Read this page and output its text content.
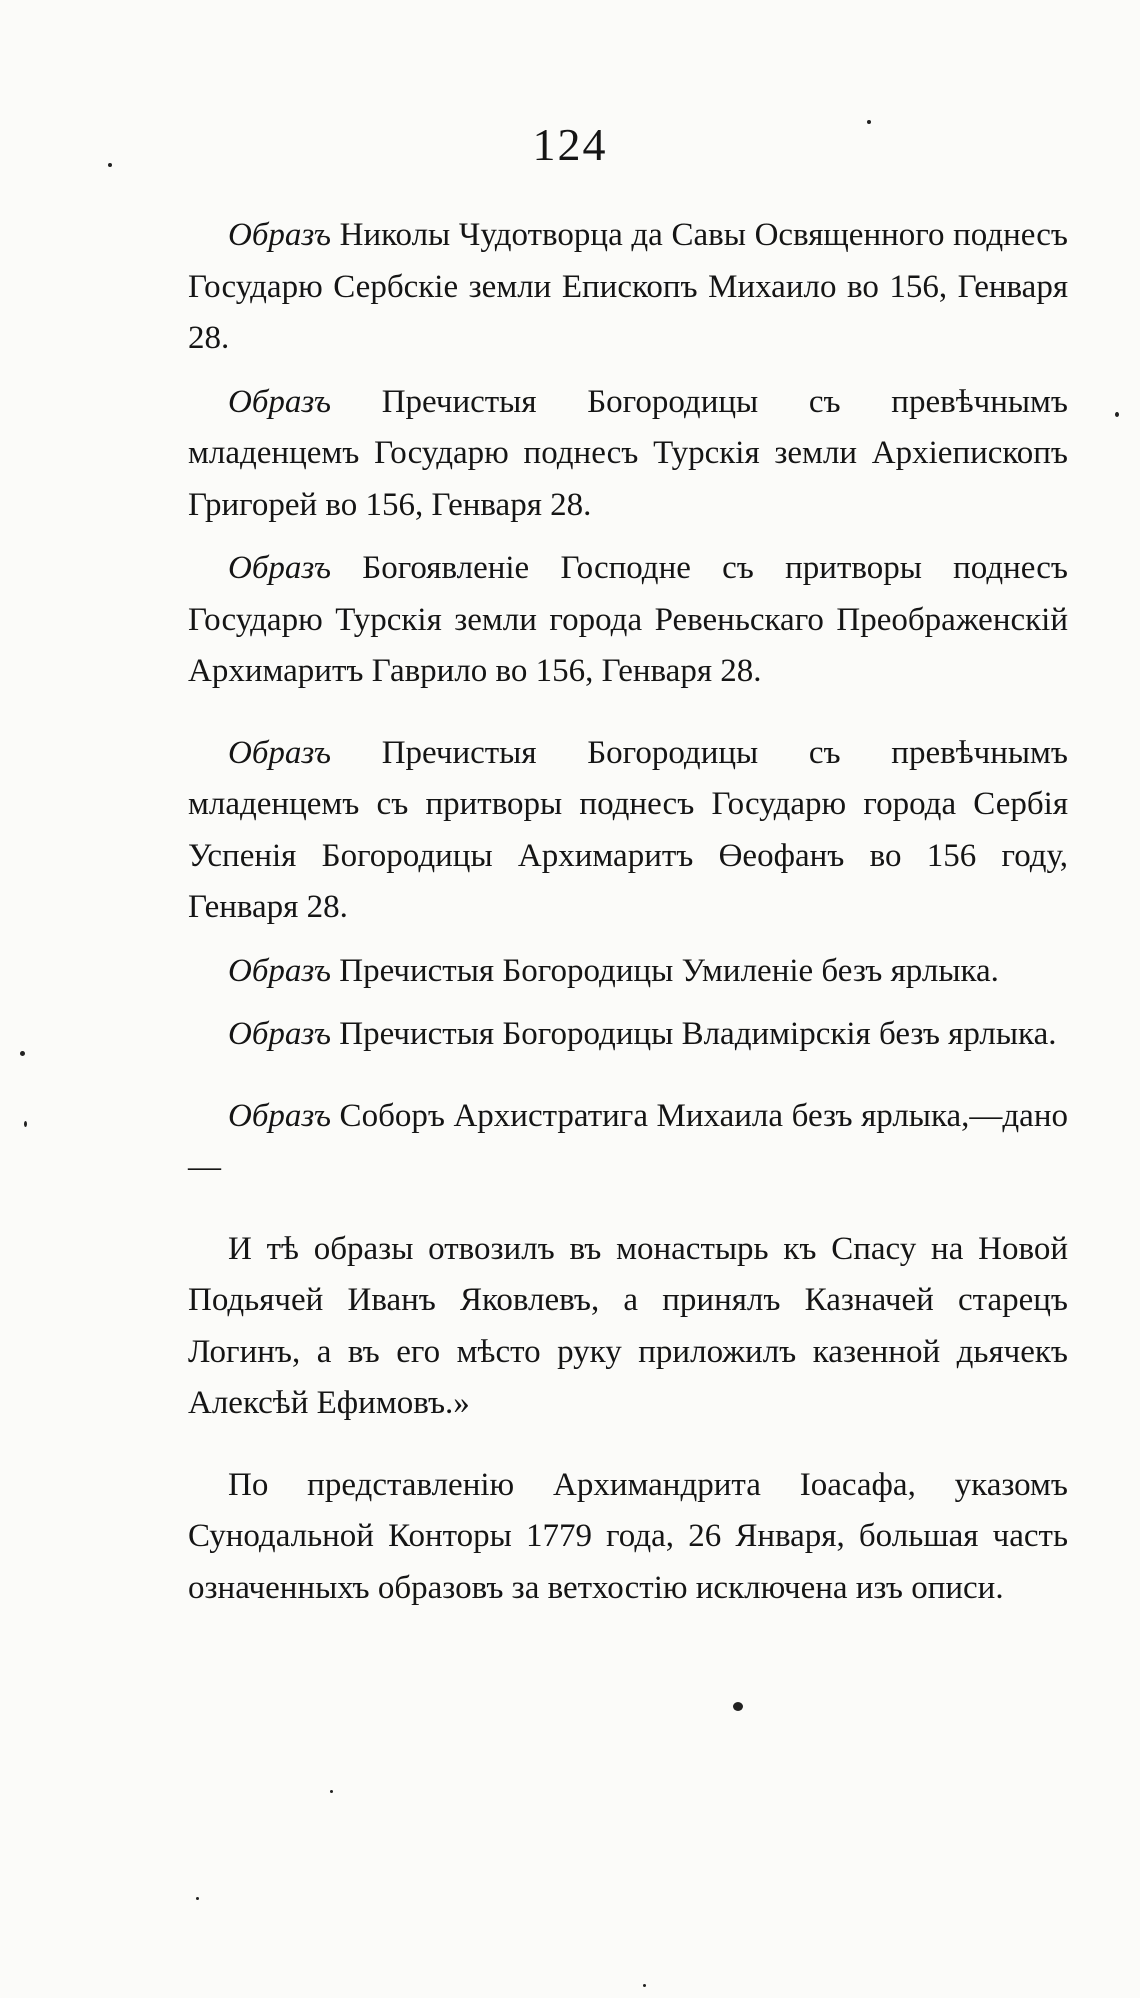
124

Образъ Николы Чудотворца да Савы Освященного поднесъ Государю Сербскіе земли Епископъ Михаило во 156, Генваря 28.

Образъ Пречистыя Богородицы съ превѣчнымъ младенцемъ Государю поднесъ Турскія земли Архіепископъ Григорей во 156, Генваря 28.

Образъ Богоявленіе Господне съ притворы поднесъ Государю Турскія земли города Ревеньскаго Преображенскій Архимаритъ Гаврило во 156, Генваря 28.

Образъ Пречистыя Богородицы съ превѣчнымъ младенцемъ съ притворы поднесъ Государю города Сербія Успенія Богородицы Архимаритъ Өеофанъ во 156 году, Генваря 28.

Образъ Пречистыя Богородицы Умиленіе безъ ярлыка.

Образъ Пречистыя Богородицы Владимірскія безъ ярлыка.

Образъ Соборъ Архистратига Михаила безъ ярлыка,—дано—

И тѣ образы отвозилъ въ монастырь къ Спасу на Новой Подьячей Иванъ Яковлевъ, а принялъ Казначей старецъ Логинъ, а въ его мѣсто руку приложилъ казенной дьячекъ Алексѣй Ефимовъ.»

По представленію Архимандрита Іоасафа, указомъ Сунодальной Конторы 1779 года, 26 Января, большая часть означенныхъ образовъ за ветхостію исключена изъ описи.
